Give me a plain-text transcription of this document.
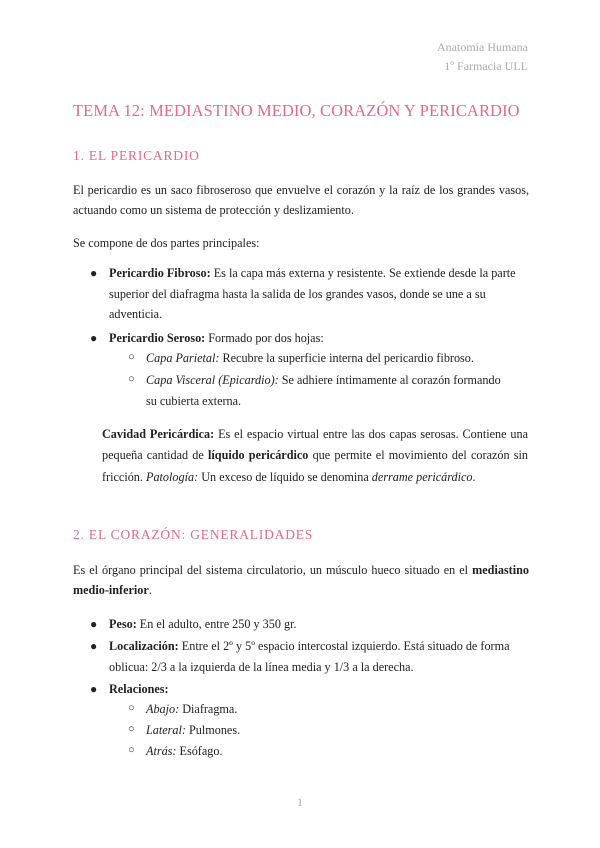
Anatomía Humana
1º Farmacia ULL
TEMA 12: MEDIASTINO MEDIO, CORAZÓN Y PERICARDIO
1. EL PERICARDIO
El pericardio es un saco fibroseroso que envuelve el corazón y la raíz de los grandes vasos, actuando como un sistema de protección y deslizamiento.
Se compone de dos partes principales:
● Pericardio Fibroso: Es la capa más externa y resistente. Se extiende desde la parte superior del diafragma hasta la salida de los grandes vasos, donde se une a su adventicia.
● Pericardio Seroso: Formado por dos hojas:
○ Capa Parietal: Recubre la superficie interna del pericardio fibroso.
○ Capa Visceral (Epicardio): Se adhiere íntimamente al corazón formando su cubierta externa.
Cavidad Pericárdica: Es el espacio virtual entre las dos capas serosas. Contiene una pequeña cantidad de líquido pericárdico que permite el movimiento del corazón sin fricción. Patología: Un exceso de líquido se denomina derrame pericárdico.
2. EL CORAZÓN: GENERALIDADES
Es el órgano principal del sistema circulatorio, un músculo hueco situado en el mediastino medio-inferior.
● Peso: En el adulto, entre 250 y 350 gr.
● Localización: Entre el 2º y 5º espacio intercostal izquierdo. Está situado de forma oblicua: 2/3 a la izquierda de la línea media y 1/3 a la derecha.
● Relaciones:
○ Abajo: Diafragma.
○ Lateral: Pulmones.
○ Atrás: Esófago.
1
